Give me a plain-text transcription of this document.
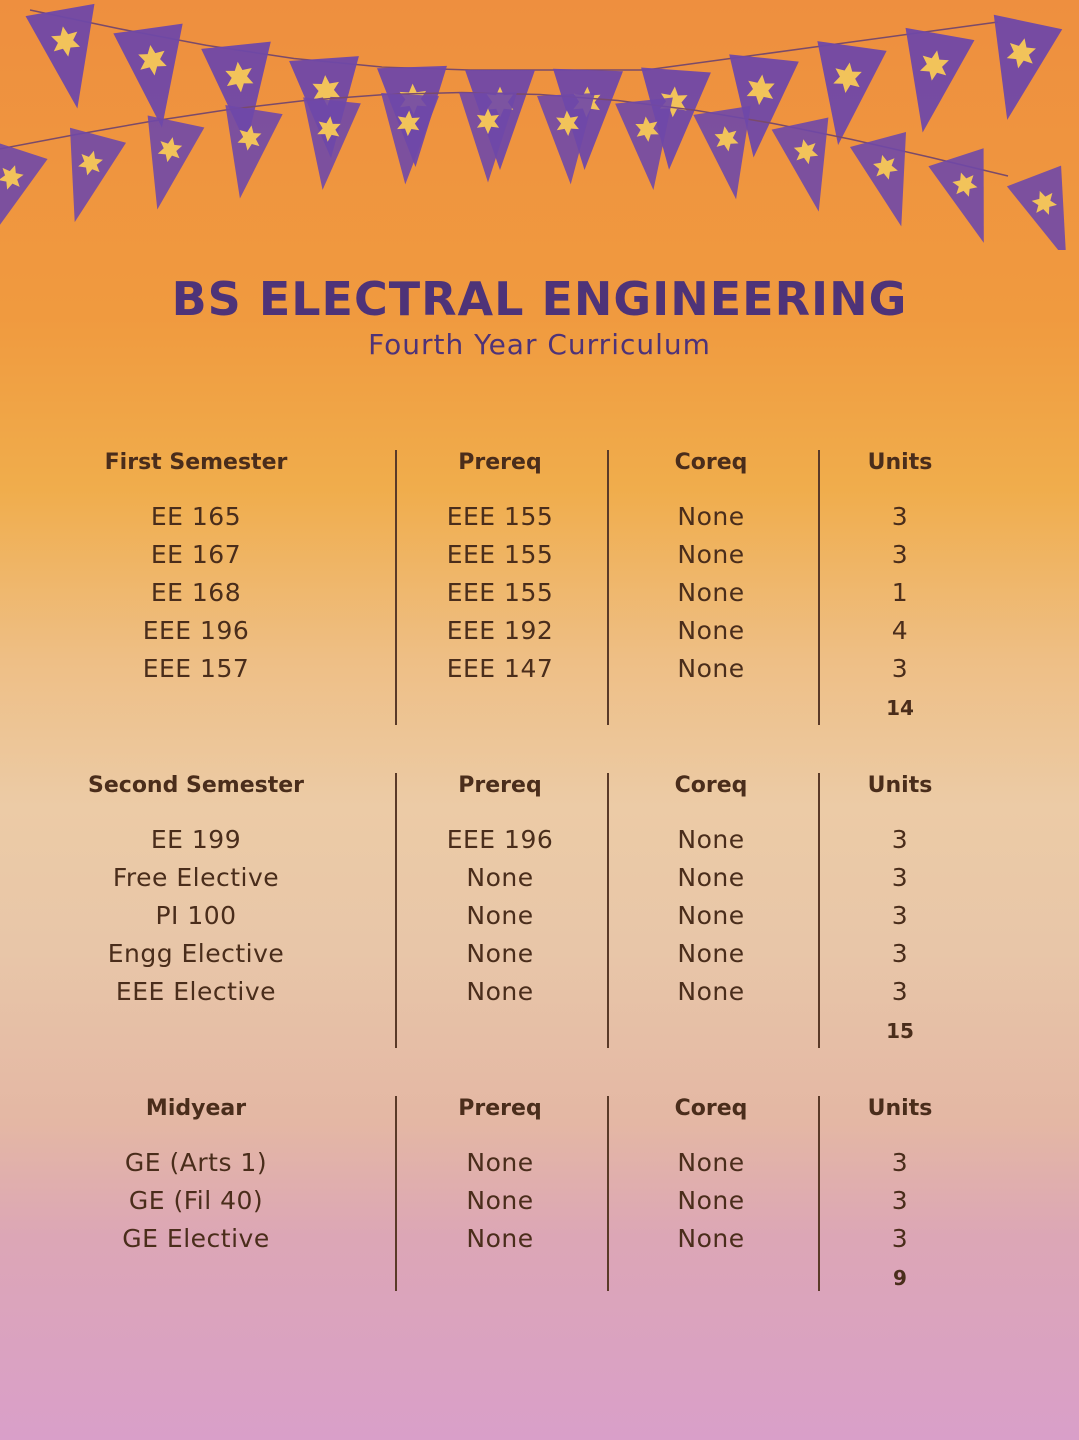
BS ELECTRAL ENGINEERING
Fourth Year Curriculum
First Semester	Prereq	Coreq	Units
EE 165	EEE 155	None	3
EE 167	EEE 155	None	3
EE 168	EEE 155	None	1
EEE 196	EEE 192	None	4
EEE 157	EEE 147	None	3
14
Second Semester	Prereq	Coreq	Units
EE 199	EEE 196	None	3
Free Elective	None	None	3
PI 100	None	None	3
Engg Elective	None	None	3
EEE Elective	None	None	3
15
Midyear	Prereq	Coreq	Units
GE (Arts 1)	None	None	3
GE (Fil 40)	None	None	3
GE Elective	None	None	3
9
